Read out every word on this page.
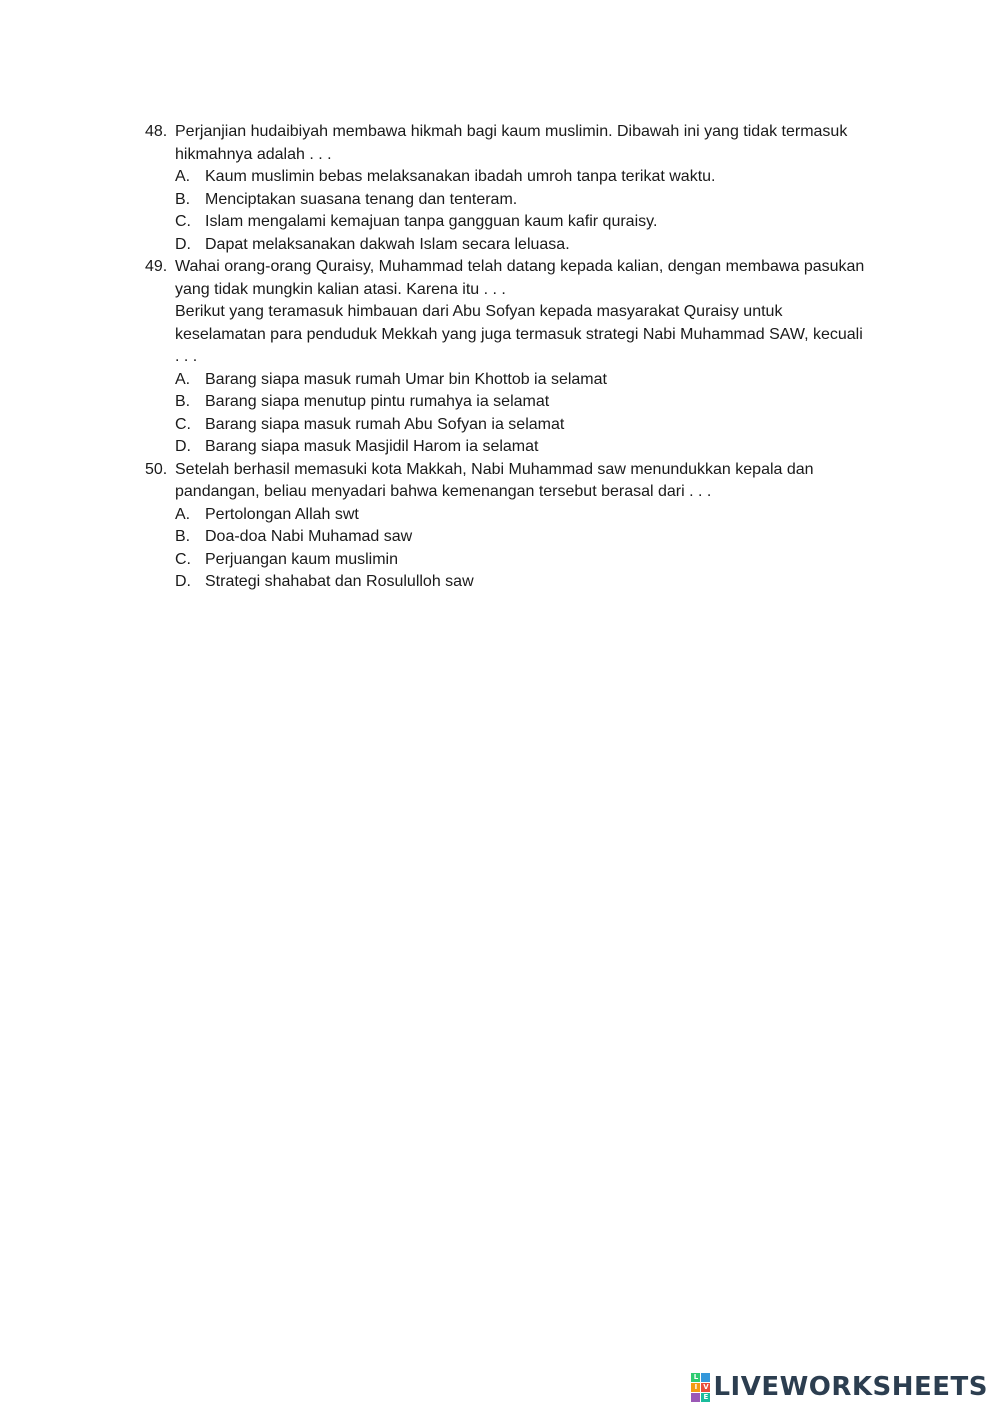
48. Perjanjian hudaibiyah membawa hikmah bagi kaum muslimin. Dibawah ini yang tidak termasuk hikmahnya adalah . . .
A. Kaum muslimin bebas melaksanakan ibadah umroh tanpa terikat waktu.
B. Menciptakan suasana tenang dan tenteram.
C. Islam mengalami kemajuan tanpa gangguan kaum kafir quraisy.
D. Dapat melaksanakan dakwah Islam secara leluasa.
49. Wahai orang-orang Quraisy, Muhammad telah datang kepada kalian, dengan membawa pasukan yang tidak mungkin kalian atasi. Karena itu . . .
Berikut yang teramasuk himbauan dari Abu Sofyan kepada masyarakat Quraisy untuk keselamatan para penduduk Mekkah yang juga termasuk strategi Nabi Muhammad SAW, kecuali . . .
A. Barang siapa masuk rumah Umar bin Khottob ia selamat
B. Barang siapa menutup pintu rumahya ia selamat
C. Barang siapa masuk rumah Abu Sofyan ia selamat
D. Barang siapa masuk Masjidil Harom ia selamat
50. Setelah berhasil memasuki kota Makkah, Nabi Muhammad saw menundukkan kepala dan pandangan, beliau menyadari bahwa kemenangan tersebut berasal dari . . .
A. Pertolongan Allah swt
B. Doa-doa Nabi Muhamad saw
C. Perjuangan kaum muslimin
D. Strategi shahabat dan Rosululloh saw
L
I V
E LIVEWORKSHEETS
